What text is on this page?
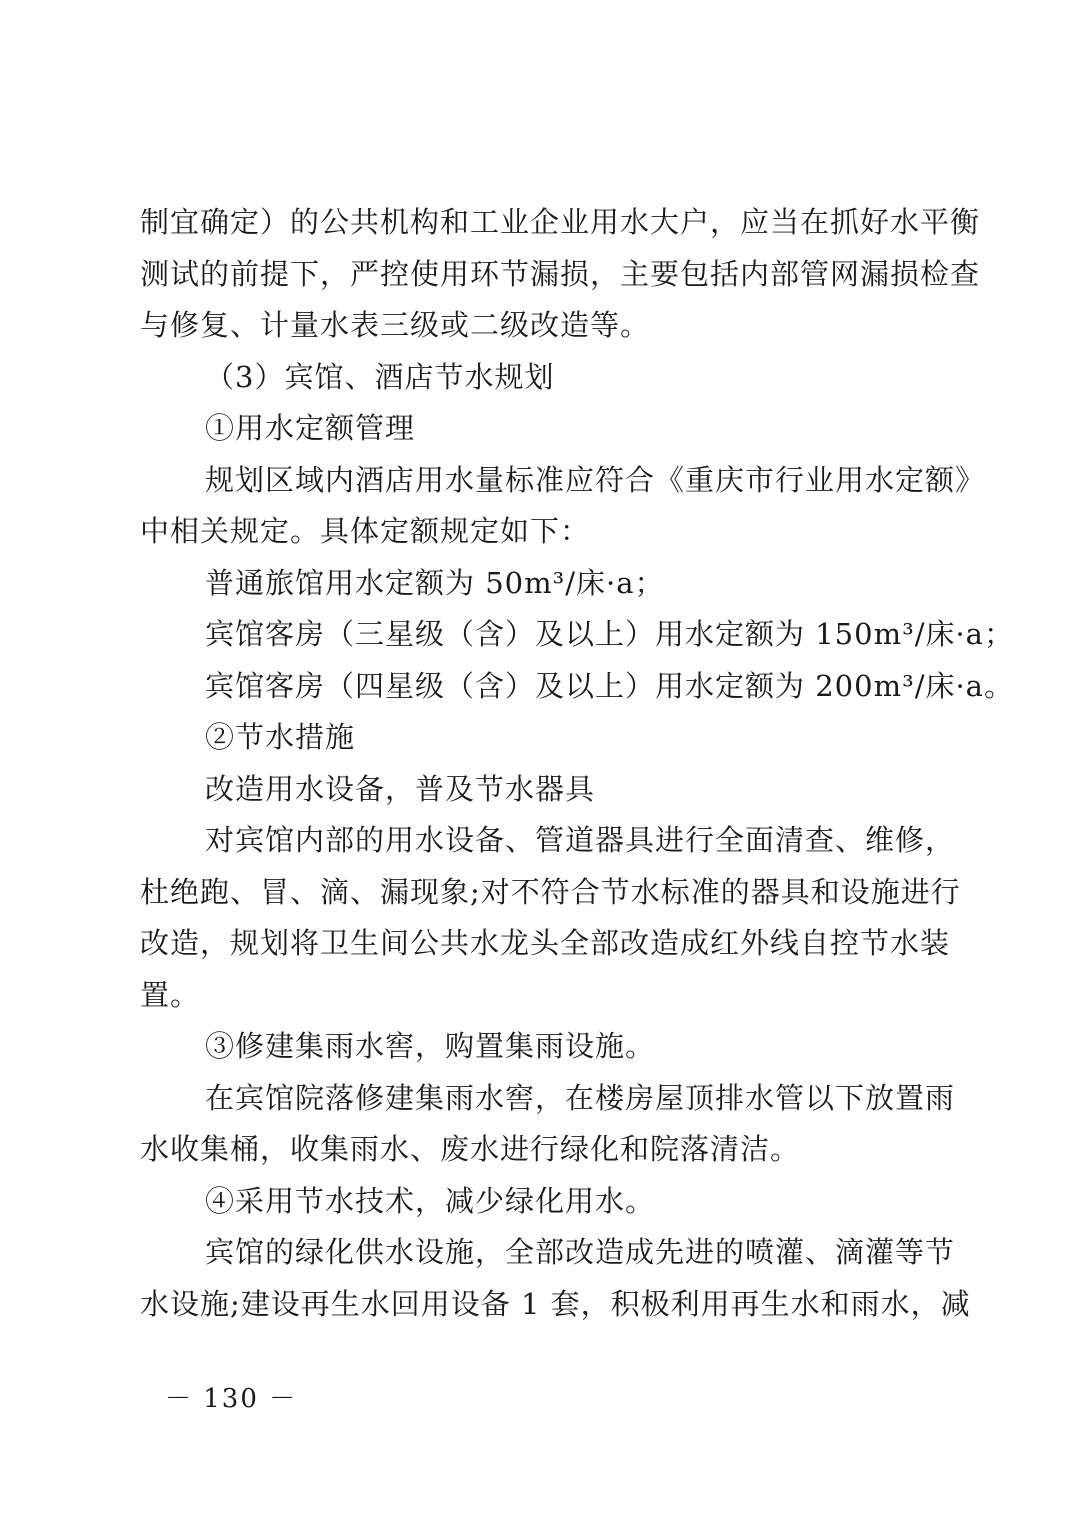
制宜确定）的公共机构和工业企业用水大户，应当在抓好水平衡
测试的前提下，严控使用环节漏损，主要包括内部管网漏损检查
与修复、计量水表三级或二级改造等。
（3）宾馆、酒店节水规划
①用水定额管理
规划区域内酒店用水量标准应符合《重庆市行业用水定额》
中相关规定。具体定额规定如下：
普通旅馆用水定额为 50m³/床·a；
宾馆客房（三星级（含）及以上）用水定额为 150m³/床·a；
宾馆客房（四星级（含）及以上）用水定额为 200m³/床·a。
②节水措施
改造用水设备，普及节水器具
对宾馆内部的用水设备、管道器具进行全面清查、维修，
杜绝跑、冒、滴、漏现象;对不符合节水标准的器具和设施进行
改造，规划将卫生间公共水龙头全部改造成红外线自控节水装
置。
③修建集雨水窖，购置集雨设施。
在宾馆院落修建集雨水窖，在楼房屋顶排水管以下放置雨
水收集桶，收集雨水、废水进行绿化和院落清洁。
④采用节水技术，减少绿化用水。
宾馆的绿化供水设施，全部改造成先进的喷灌、滴灌等节
水设施;建设再生水回用设备 1 套，积极利用再生水和雨水，减
－ 130 －
